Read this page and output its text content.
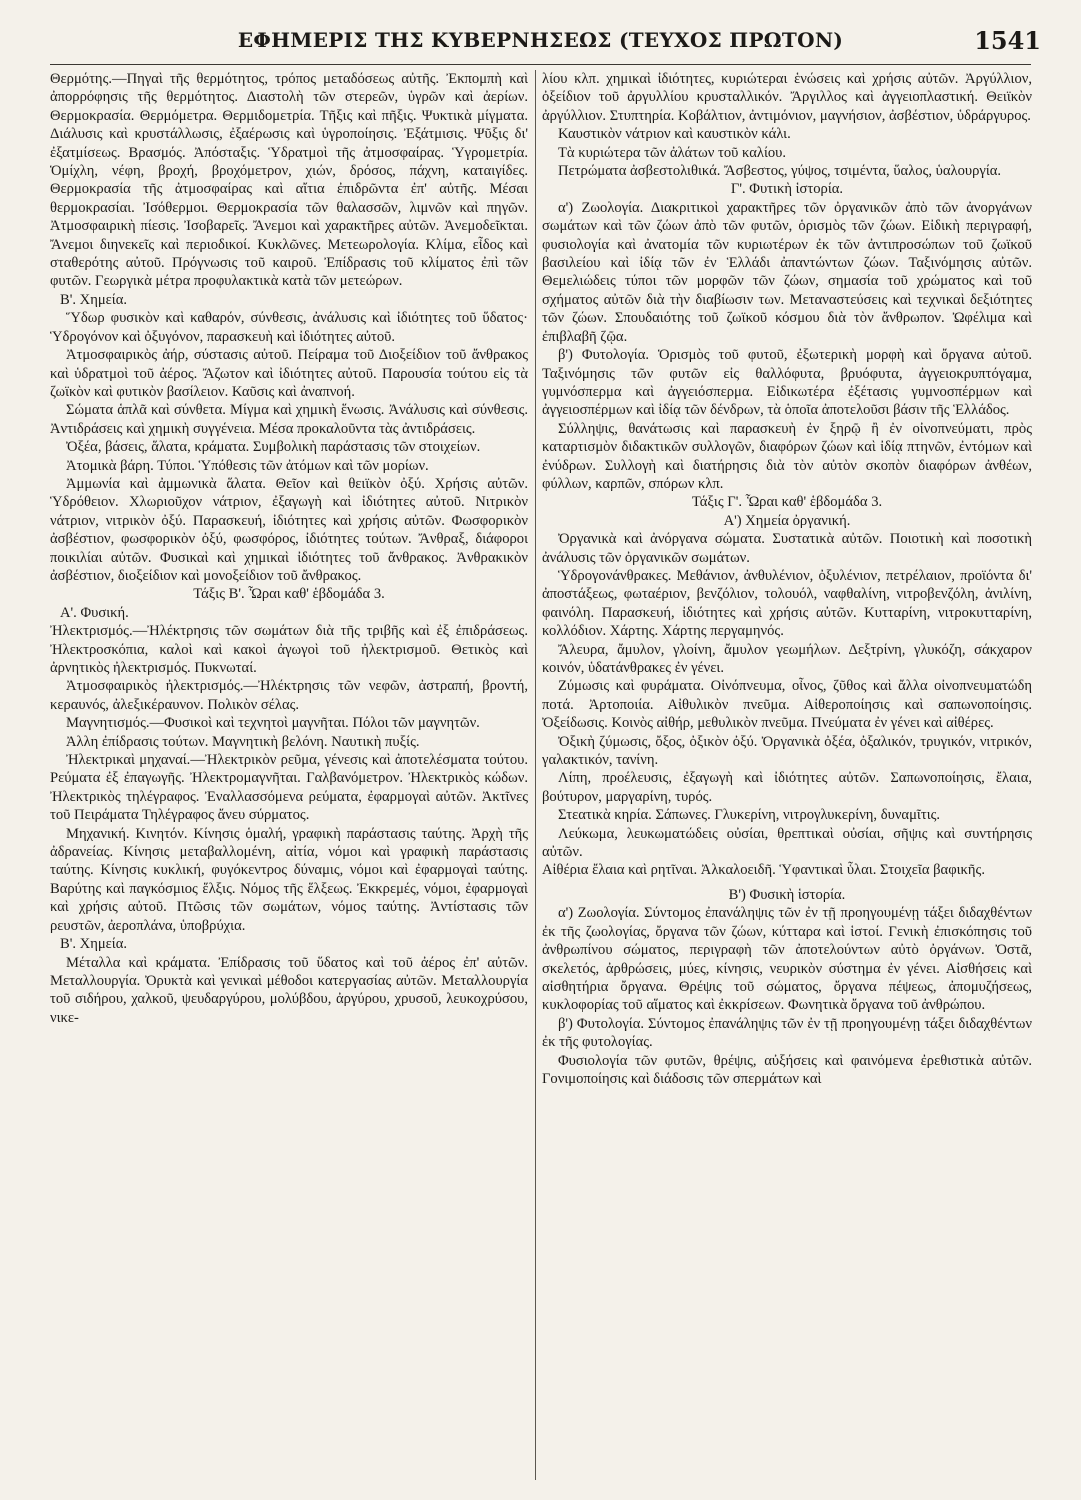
ΕΦΗΜΕΡΙΣ ΤΗΣ ΚΥΒΕΡΝΗΣΕΩΣ (ΤΕΥΧΟΣ ΠΡΩΤΟΝ)	1541

Θερμότης.—Πηγαὶ τῆς θερμότητος, τρόπος μεταδόσεως αὐτῆς. Ἐκπομπὴ καὶ ἀπορρόφησις τῆς θερμότητος. Διαστολὴ τῶν στερεῶν, ὑγρῶν καὶ ἀερίων. Θερμοκρασία. Θερμόμετρα. Θερμιδομετρία. Τῆξις καὶ πῆξις. Ψυκτικὰ μίγματα. Διάλυσις καὶ κρυστάλλωσις, ἐξαέρωσις καὶ ὑγροποίησις. Ἐξάτμισις. Ψῦξις δι' ἐξατμίσεως. Βρασμός. Ἀπόσταξις. Ὑδρατμοὶ τῆς ἀτμοσφαίρας. Ὑγρομετρία. Ὁμίχλη, νέφη, βροχή, βροχόμετρον, χιών, δρόσος, πάχνη, καταιγίδες. Θερμοκρασία τῆς ἀτμοσφαίρας καὶ αἴτια ἐπιδρῶντα ἐπ' αὐτῆς. Μέσαι θερμοκρασίαι. Ἰσόθερμοι. Θερμοκρασία τῶν θαλασσῶν, λιμνῶν καὶ πηγῶν. Ἀτμοσφαιρικὴ πίεσις. Ἰσοβαρεῖς. Ἄνεμοι καὶ χαρακτῆρες αὐτῶν. Ἀνεμοδεῖκται. Ἄνεμοι διηνεκεῖς καὶ περιοδικοί. Κυκλῶνες. Μετεωρολογία. Κλίμα, εἶδος καὶ σταθερότης αὐτοῦ. Πρόγνωσις τοῦ καιροῦ. Ἐπίδρασις τοῦ κλίματος ἐπὶ τῶν φυτῶν. Γεωργικὰ μέτρα προφυλακτικὰ κατὰ τῶν μετεώρων.

Β'. Χημεία.

Ὕδωρ φυσικὸν καὶ καθαρόν, σύνθεσις, ἀνάλυσις καὶ ἰδιότητες τοῦ ὕδατος· Ὑδρογόνον καὶ ὀξυγόνον, παρασκευὴ καὶ ἰδιότητες αὐτοῦ.

Ἀτμοσφαιρικὸς ἀήρ, σύστασις αὐτοῦ. Πείραμα τοῦ Διοξείδιον τοῦ ἄνθρακος καὶ ὑδρατμοὶ τοῦ ἀέρος. Ἄζωτον καὶ ἰδιότητες αὐτοῦ. Παρουσία τούτου εἰς τὰ ζωϊκὸν καὶ φυτικὸν βασίλειον. Καῦσις καὶ ἀναπνοή.

Σώματα ἁπλᾶ καὶ σύνθετα. Μίγμα καὶ χημικὴ ἕνωσις. Ἀνάλυσις καὶ σύνθεσις. Ἀντιδράσεις καὶ χημικὴ συγγένεια. Μέσα προκαλοῦντα τὰς ἀντιδράσεις.

Ὀξέα, βάσεις, ἅλατα, κράματα. Συμβολικὴ παράστασις τῶν στοιχείων.

Ἀτομικὰ βάρη. Τύποι. Ὑπόθεσις τῶν ἀτόμων καὶ τῶν μορίων.

Ἀμμωνία καὶ ἀμμωνικὰ ἅλατα. Θεῖον καὶ θειϊκὸν ὀξύ. Χρήσις αὐτῶν. Ὑδρόθειον. Χλωριοῦχον νάτριον, ἐξαγωγὴ καὶ ἰδιότητες αὐτοῦ. Νιτρικὸν νάτριον, νιτρικὸν ὀξύ. Παρασκευή, ἰδιότητες καὶ χρήσις αὐτῶν. Φωσφορικὸν ἀσβέστιον, φωσφορικὸν ὀξύ, φωσφόρος, ἰδιότητες τούτων. Ἄνθραξ, διάφοροι ποικιλίαι αὐτῶν. Φυσικαὶ καὶ χημικαὶ ἰδιότητες τοῦ ἄνθρακος. Ἀνθρακικὸν ἀσβέστιον, διοξείδιον καὶ μονοξείδιον τοῦ ἄνθρακος.

Τάξις Β'. Ὧραι καθ' ἑβδομάδα 3.

Α'. Φυσική.

Ἠλεκτρισμός.—Ἠλέκτρησις τῶν σωμάτων διὰ τῆς τριβῆς καὶ ἐξ ἐπιδράσεως. Ἠλεκτροσκόπια, καλοὶ καὶ κακοὶ ἀγωγοὶ τοῦ ἠλεκτρισμοῦ. Θετικὸς καὶ ἀρνητικὸς ἠλεκτρισμός. Πυκνωταί.

Ἀτμοσφαιρικὸς ἠλεκτρισμός.—Ἠλέκτρησις τῶν νεφῶν, ἀστραπή, βροντή, κεραυνός, ἀλεξικέραυνον. Πολικὸν σέλας.

Μαγνητισμός.—Φυσικοὶ καὶ τεχνητοὶ μαγνῆται. Πόλοι τῶν μαγνητῶν.

Ἀλλη ἐπίδρασις τούτων. Μαγνητικὴ βελόνη. Ναυτικὴ πυξίς.

Ἠλεκτρικαὶ μηχαναί.—Ἠλεκτρικὸν ρεῦμα, γένεσις καὶ ἀποτελέσματα τούτου. Ρεύματα ἐξ ἐπαγωγῆς. Ἠλεκτρομαγνῆται. Γαλβανόμετρον. Ἠλεκτρικὸς κώδων. Ἠλεκτρικὸς τηλέγραφος. Ἐναλλασσόμενα ρεύματα, ἐφαρμογαὶ αὐτῶν. Ἀκτῖνες τοῦ Πειράματα Τηλέγραφος ἄνευ σύρματος.

Μηχανική. Κινητόν. Κίνησις ὁμαλή, γραφικὴ παράστασις ταύτης. Ἀρχὴ τῆς ἀδρανείας. Κίνησις μεταβαλλομένη, αἰτία, νόμοι καὶ γραφικὴ παράστασις ταύτης. Κίνησις κυκλική, φυγόκεντρος δύναμις, νόμοι καὶ ἐφαρμογαὶ ταύτης. Βαρύτης καὶ παγκόσμιος ἕλξις. Νόμος τῆς ἕλξεως. Ἐκκρεμές, νόμοι, ἐφαρμογαὶ καὶ χρήσις αὐτοῦ. Πτῶσις τῶν σωμάτων, νόμος ταύτης. Ἀντίστασις τῶν ρευστῶν, ἀεροπλάνα, ὑποβρύχια.

Β'. Χημεία.

Μέταλλα καὶ κράματα. Ἐπίδρασις τοῦ ὕδατος καὶ τοῦ ἀέρος ἐπ' αὐτῶν. Μεταλλουργία. Ὀρυκτὰ καὶ γενικαὶ μέθοδοι κατεργασίας αὐτῶν. Μεταλλουργία τοῦ σιδήρου, χαλκοῦ, ψευδαργύρου, μολύβδου, ἀργύρου, χρυσοῦ, λευκοχρύσου, νικε-

λίου κλπ. χημικαὶ ἰδιότητες, κυριώτεραι ἑνώσεις καὶ χρήσις αὐτῶν. Ἀργύλλιον, ὀξείδιον τοῦ ἀργυλλίου κρυσταλλικόν. Ἄργιλλος καὶ ἀγγειοπλαστική. Θειϊκὸν ἀργύλλιον. Στυπτηρία. Κοβάλτιον, ἀντιμόνιον, μαγνήσιον, ἀσβέστιον, ὑδράργυρος.

Καυστικὸν νάτριον καὶ καυστικὸν κάλι.

Τὰ κυριώτερα τῶν ἀλάτων τοῦ καλίου.

Πετρώματα ἀσβεστολιθικά. Ἄσβεστος, γύψος, τσιμέντα, ὕαλος, ὑαλουργία.

Γ'. Φυτικὴ ἱστορία.

α') Ζωολογία. Διακριτικοὶ χαρακτῆρες τῶν ὀργανικῶν ἀπὸ τῶν ἀνοργάνων σωμάτων καὶ τῶν ζώων ἀπὸ τῶν φυτῶν, ὁρισμὸς τῶν ζώων. Εἰδικὴ περιγραφή, φυσιολογία καὶ ἀνατομία τῶν κυριωτέρων ἐκ τῶν ἀντιπροσώπων τοῦ ζωϊκοῦ βασιλείου καὶ ἰδίᾳ τῶν ἐν Ἑλλάδι ἀπαντώντων ζώων. Ταξινόμησις αὐτῶν. Θεμελιώδεις τύποι τῶν μορφῶν τῶν ζώων, σημασία τοῦ χρώματος καὶ τοῦ σχήματος αὐτῶν διὰ τὴν διαβίωσιν των. Μεταναστεύσεις καὶ τεχνικαὶ δεξιότητες τῶν ζώων. Σπουδαιότης τοῦ ζωϊκοῦ κόσμου διὰ τὸν ἄνθρωπον. Ὠφέλιμα καὶ ἐπιβλαβῆ ζῷα.

β') Φυτολογία. Ὁρισμὸς τοῦ φυτοῦ, ἐξωτερικὴ μορφὴ καὶ ὄργανα αὐτοῦ. Ταξινόμησις τῶν φυτῶν εἰς θαλλόφυτα, βρυόφυτα, ἀγγειοκρυπτόγαμα, γυμνόσπερμα καὶ ἀγγειόσπερμα. Εἰδικωτέρα ἐξέτασις γυμνοσπέρμων καὶ ἀγγειοσπέρμων καὶ ἰδίᾳ τῶν δένδρων, τὰ ὁποῖα ἀποτελοῦσι βάσιν τῆς Ἑλλάδος.

Σύλληψις, θανάτωσις καὶ παρασκευὴ ἐν ξηρῷ ἢ ἐν οἰνοπνεύματι, πρὸς καταρτισμὸν διδακτικῶν συλλογῶν, διαφόρων ζώων καὶ ἰδίᾳ πτηνῶν, ἐντόμων καὶ ἐνύδρων. Συλλογὴ καὶ διατήρησις διὰ τὸν αὐτὸν σκοπὸν διαφόρων ἀνθέων, φύλλων, καρπῶν, σπόρων κλπ.

Τάξις Γ'. Ὧραι καθ' ἑβδομάδα 3.

Α') Χημεία ὀργανική.

Ὀργανικὰ καὶ ἀνόργανα σώματα. Συστατικὰ αὐτῶν. Ποιοτικὴ καὶ ποσοτικὴ ἀνάλυσις τῶν ὀργανικῶν σωμάτων.

Ὑδρογονάνθρακες. Μεθάνιον, ἀνθυλένιον, ὀξυλένιον, πετρέλαιον, προϊόντα δι' ἀποστάξεως, φωταέριον, βενζόλιον, τολουόλ, ναφθαλίνη, νιτροβενζόλη, ἀνιλίνη, φαινόλη. Παρασκευή, ἰδιότητες καὶ χρήσις αὐτῶν. Κυτταρίνη, νιτροκυτταρίνη, κολλόδιον. Χάρτης. Χάρτης περγαμηνός.

Ἄλευρα, ἄμυλον, γλοίνη, ἄμυλον γεωμήλων. Δεξτρίνη, γλυκόζη, σάκχαρον κοινόν, ὑδατάνθρακες ἐν γένει.

Ζύμωσις καὶ φυράματα. Οἰνόπνευμα, οἶνος, ζῦθος καὶ ἄλλα οἰνοπνευματώδη ποτά. Ἀρτοποιία. Αἰθυλικὸν πνεῦμα. Αἰθεροποίησις καὶ σαπωνοποίησις. Ὀξείδωσις. Κοινὸς αἰθήρ, μεθυλικὸν πνεῦμα. Πνεύματα ἐν γένει καὶ αἰθέρες.

Ὀξικὴ ζύμωσις, ὄξος, ὀξικὸν ὀξύ. Ὀργανικὰ ὀξέα, ὀξαλικόν, τρυγικόν, νιτρικόν, γαλακτικόν, τανίνη.

Λίπη, προέλευσις, ἐξαγωγὴ καὶ ἰδιότητες αὐτῶν. Σαπωνοποίησις, ἔλαια, βούτυρον, μαργαρίνη, τυρός.

Στεατικὰ κηρία. Σάπωνες. Γλυκερίνη, νιτρογλυκερίνη, δυναμῖτις.

Λεύκωμα, λευκωματώδεις οὐσίαι, θρεπτικαὶ οὐσίαι, σῆψις καὶ συντήρησις αὐτῶν.

Αἰθέρια ἔλαια καὶ ρητῖναι. Ἀλκαλοειδῆ. Ὑφαντικαὶ ὗλαι. Στοιχεῖα βαφικῆς.

Β') Φυσικὴ ἱστορία.

α') Ζωολογία. Σύντομος ἐπανάληψις τῶν ἐν τῇ προηγουμένῃ τάξει διδαχθέντων ἐκ τῆς ζωολογίας, ὄργανα τῶν ζώων, κύτταρα καὶ ἱστοί. Γενικὴ ἐπισκόπησις τοῦ ἀνθρωπίνου σώματος, περιγραφὴ τῶν ἀποτελούντων αὐτὸ ὀργάνων. Ὀστᾶ, σκελετός, ἀρθρώσεις, μύες, κίνησις, νευρικὸν σύστημα ἐν γένει. Αἰσθήσεις καὶ αἰσθητήρια ὄργανα. Θρέψις τοῦ σώματος, ὄργανα πέψεως, ἀπομυζήσεως, κυκλοφορίας τοῦ αἵματος καὶ ἐκκρίσεων. Φωνητικὰ ὄργανα τοῦ ἀνθρώπου.

β') Φυτολογία. Σύντομος ἐπανάληψις τῶν ἐν τῇ προηγουμένῃ τάξει διδαχθέντων ἐκ τῆς φυτολογίας.

Φυσιολογία τῶν φυτῶν, θρέψις, αὐξήσεις καὶ φαινόμενα ἐρεθιστικὰ αὐτῶν. Γονιμοποίησις καὶ διάδοσις τῶν σπερμάτων καὶ
